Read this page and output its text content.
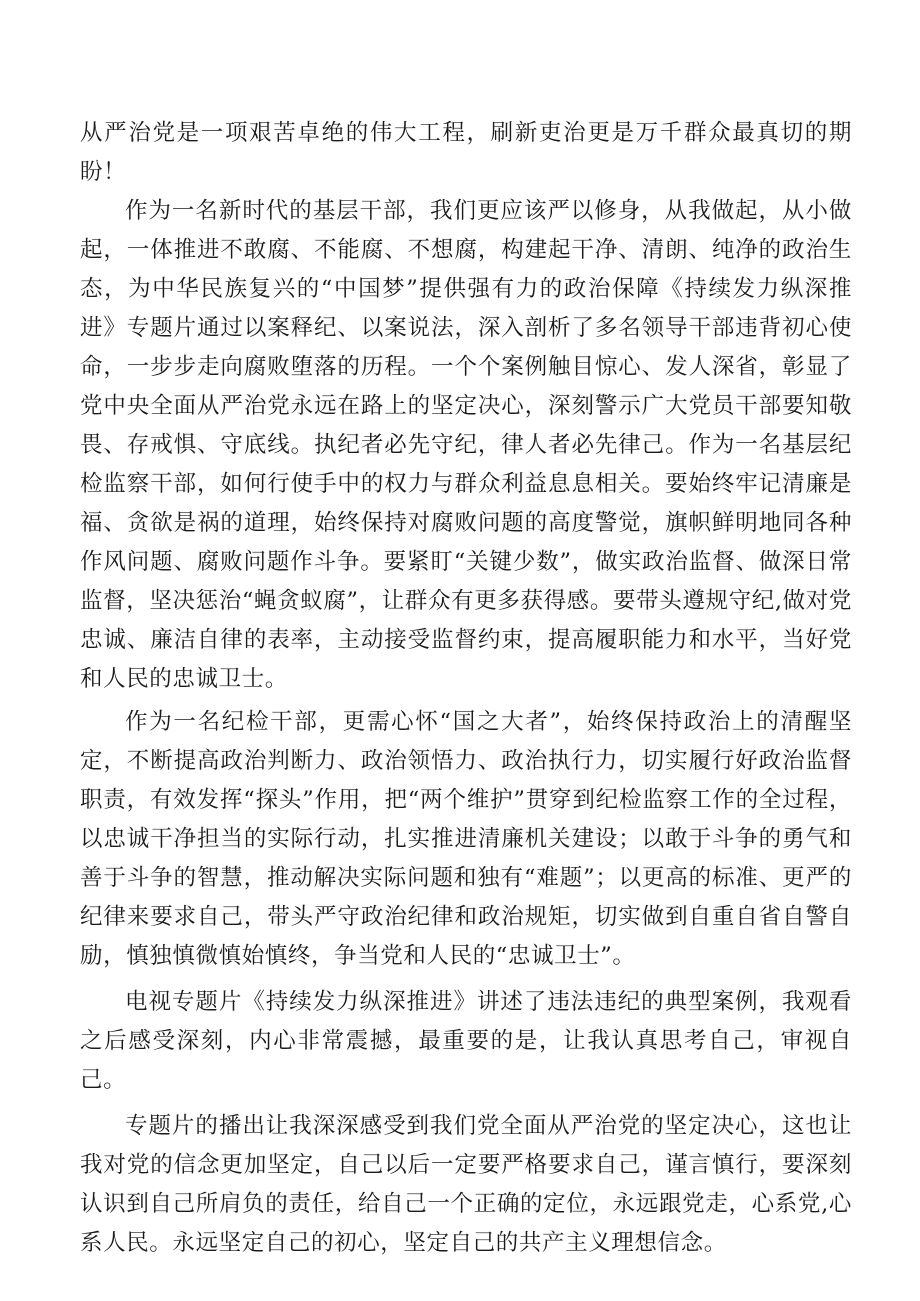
从严治党是一项艰苦卓绝的伟大工程，刷新吏治更是万千群众最真切的期盼！

作为一名新时代的基层干部，我们更应该严以修身，从我做起，从小做起，一体推进不敢腐、不能腐、不想腐，构建起干净、清朗、纯净的政治生态，为中华民族复兴的“中国梦”提供强有力的政治保障《持续发力纵深推进》专题片通过以案释纪、以案说法，深入剖析了多名领导干部违背初心使命，一步步走向腐败堕落的历程。一个个案例触目惊心、发人深省，彰显了党中央全面从严治党永远在路上的坚定决心，深刻警示广大党员干部要知敬畏、存戒惧、守底线。执纪者必先守纪，律人者必先律己。作为一名基层纪检监察干部，如何行使手中的权力与群众利益息息相关。要始终牢记清廉是福、贪欲是祸的道理，始终保持对腐败问题的高度警觉，旗帜鲜明地同各种作风问题、腐败问题作斗争。要紧盯“关键少数”，做实政治监督、做深日常监督，坚决惩治“蝇贪蚁腐”，让群众有更多获得感。要带头遵规守纪,做对党忠诚、廉洁自律的表率，主动接受监督约束，提高履职能力和水平，当好党和人民的忠诚卫士。

作为一名纪检干部，更需心怀“国之大者”，始终保持政治上的清醒坚定，不断提高政治判断力、政治领悟力、政治执行力，切实履行好政治监督职责，有效发挥“探头”作用，把“两个维护”贯穿到纪检监察工作的全过程，以忠诚干净担当的实际行动，扎实推进清廉机关建设；以敢于斗争的勇气和善于斗争的智慧，推动解决实际问题和独有“难题”；以更高的标准、更严的纪律来要求自己，带头严守政治纪律和政治规矩，切实做到自重自省自警自励，慎独慎微慎始慎终，争当党和人民的“忠诚卫士”。

电视专题片《持续发力纵深推进》讲述了违法违纪的典型案例，我观看之后感受深刻，内心非常震撼，最重要的是，让我认真思考自己，审视自己。

专题片的播出让我深深感受到我们党全面从严治党的坚定决心，这也让我对党的信念更加坚定，自己以后一定要严格要求自己，谨言慎行，要深刻认识到自己所肩负的责任，给自己一个正确的定位，永远跟党走，心系党,心系人民。永远坚定自己的初心，坚定自己的共产主义理想信念。
